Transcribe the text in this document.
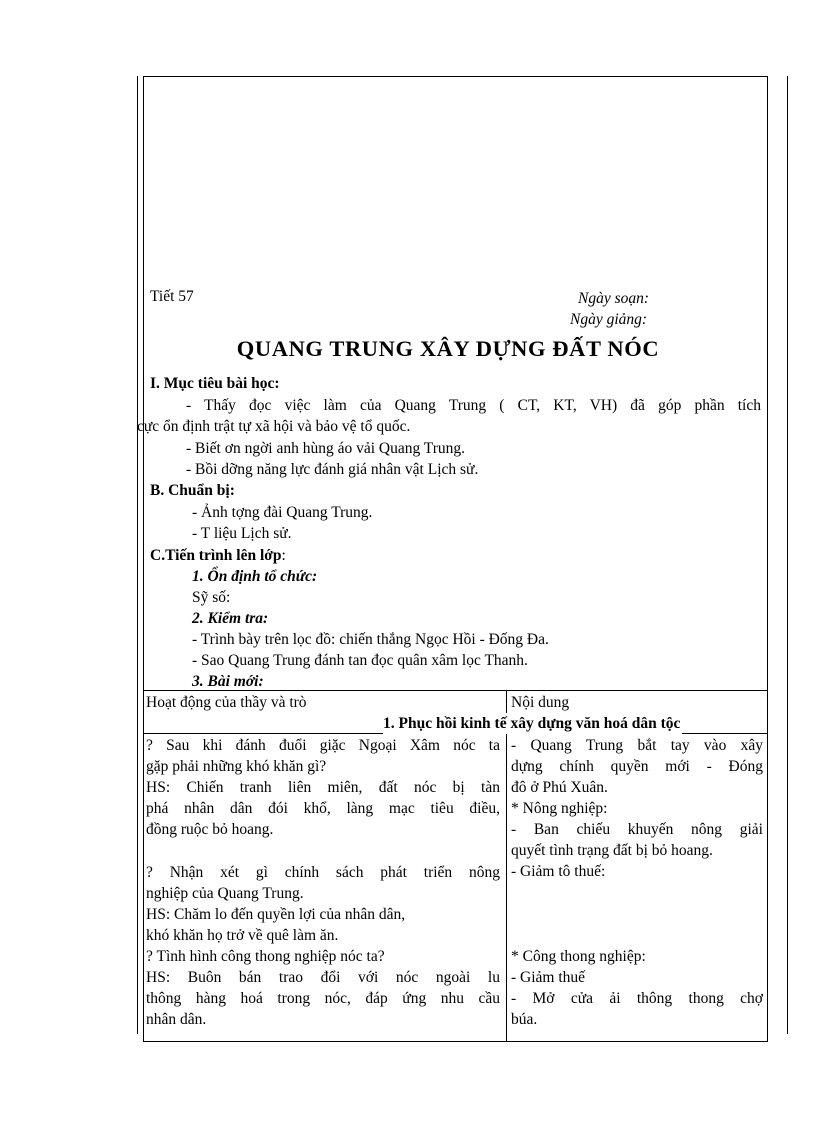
Tiết 57	Ngày soạn:
Ngày giảng:
QUANG TRUNG XÂY DỰNG ĐẤT NÓC
I. Mục tiêu bài học:
- Thấy đọc việc làm của Quang Trung ( CT, KT, VH) đã góp phần tích
cực ổn định trật tự xã hội và bảo vệ tổ quốc.
- Biết ơn ngời anh hùng áo vải Quang Trung.
- Bồi dỡng năng lực đánh giá nhân vật Lịch sử.
B. Chuẩn bị:
- Ảnh tợng đài Quang Trung.
- T liệu Lịch sử.
C.Tiến trình lên lớp:
1. Ổn định tổ chức:
Sỹ số:
2. Kiểm tra:
- Trình bày trên lọc đồ: chiến thắng Ngọc Hồi - Đống Đa.
- Sao Quang Trung đánh tan đọc quân xâm lọc Thanh.
3. Bài mới:
Hoạt động của thầy và trò	Nội dung
1. Phục hồi kinh tế xây dựng văn hoá dân tộc
? Sau khi đánh đuổi giặc Ngoại Xâm nóc ta
gặp phải những khó khăn gì?
HS: Chiến tranh liên miên, đất nóc bị tàn
phá nhân dân đói khổ, làng mạc tiêu điều,
đồng ruộc bỏ hoang.
? Nhận xét gì chính sách phát triển nông
nghiệp của Quang Trung.
HS: Chăm lo đến quyền lợi của nhân dân,
khó khăn họ trở về quê làm ăn.
? Tình hình công thong nghiệp nóc ta?
HS: Buôn bán trao đổi với nóc ngoài lu
thông hàng hoá trong nóc, đáp ứng nhu cầu
nhân dân.
- Quang Trung bắt tay vào xây
dựng chính quyền mới - Đóng
đô ở Phú Xuân.
* Nông nghiệp:
- Ban chiếu khuyến nông giải
quyết tình trạng đất bị bỏ hoang.
- Giảm tô thuế:
* Công thong nghiệp:
- Giảm thuế
- Mở cửa ải thông thong chợ
búa.
